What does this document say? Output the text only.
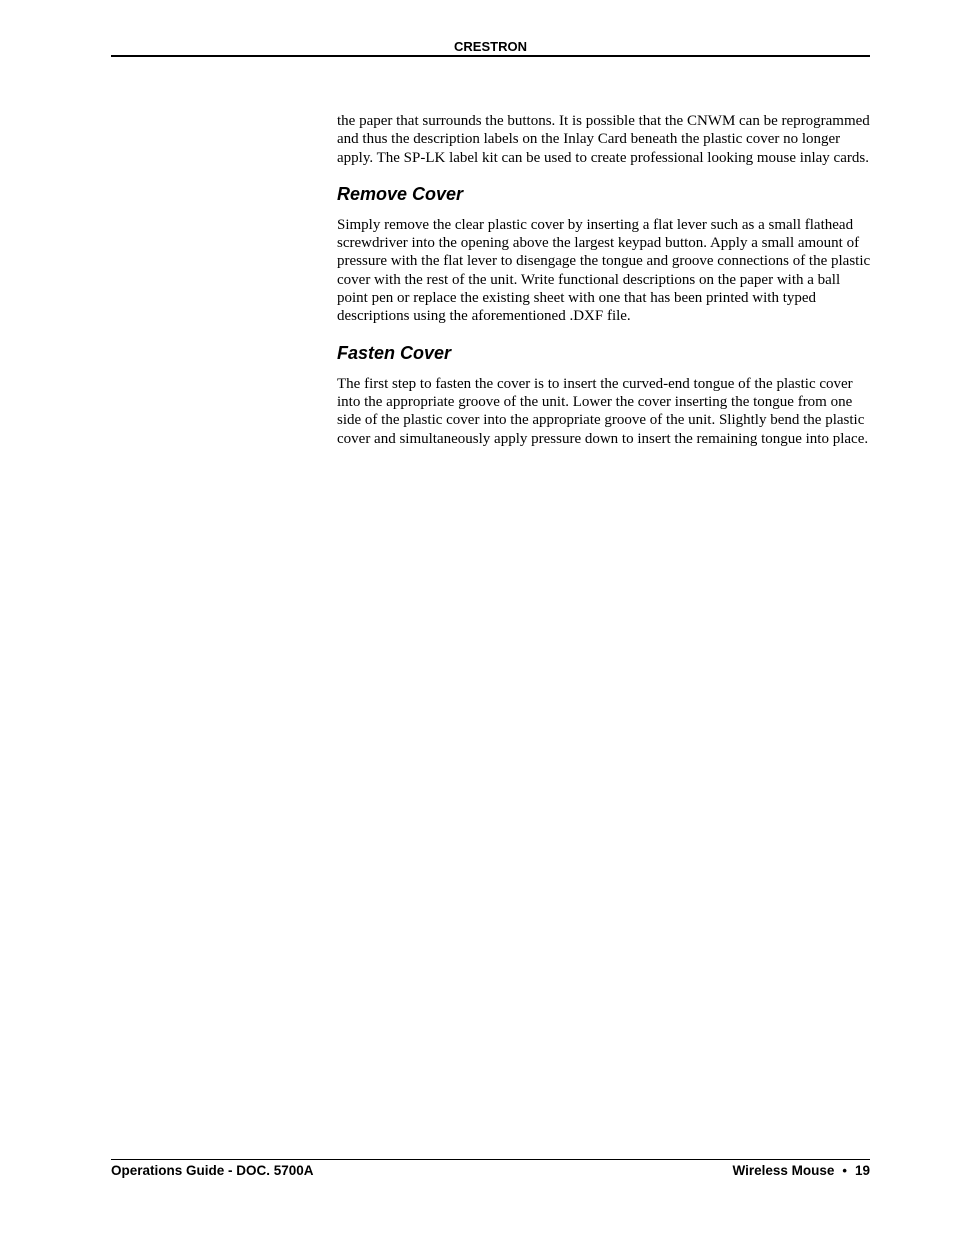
CRESTRON

the paper that surrounds the buttons. It is possible that the CNWM can be reprogrammed and thus the description labels on the Inlay Card beneath the plastic cover no longer apply. The SP-LK label kit can be used to create professional looking mouse inlay cards.

Remove Cover

Simply remove the clear plastic cover by inserting a flat lever such as a small flathead screwdriver into the opening above the largest keypad button. Apply a small amount of pressure with the flat lever to disengage the tongue and groove connections of the plastic cover with the rest of the unit. Write functional descriptions on the paper with a ball point pen or replace the existing sheet with one that has been printed with typed descriptions using the aforementioned .DXF file.

Fasten Cover

The first step to fasten the cover is to insert the curved-end tongue of the plastic cover into the appropriate groove of the unit. Lower the cover inserting the tongue from one side of the plastic cover into the appropriate groove of the unit. Slightly bend the plastic cover and simultaneously apply pressure down to insert the remaining tongue into place.

Operations Guide - DOC. 5700A	Wireless Mouse • 19
